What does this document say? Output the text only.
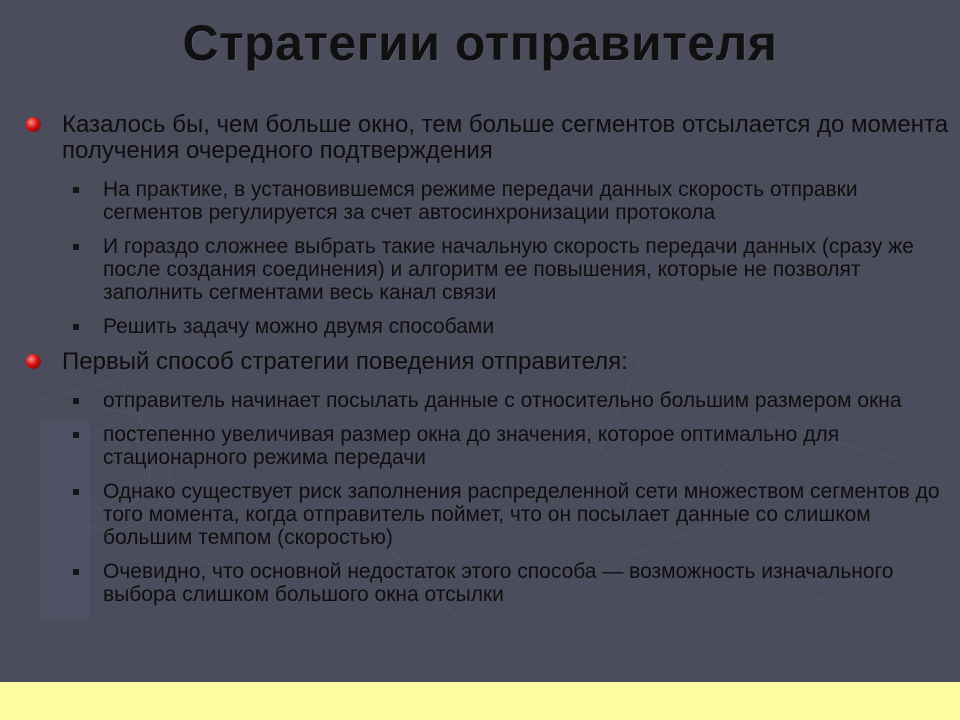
Стратегии отправителя
Казалось бы, чем больше окно, тем больше сегментов отсылается до момента получения очередного подтверждения
На практике, в установившемся режиме передачи данных скорость отправки сегментов регулируется за счет автосинхронизации протокола
И гораздо сложнее выбрать такие начальную скорость передачи данных (сразу же после создания соединения) и алгоритм ее повышения, которые не позволят заполнить сегментами весь канал связи
Решить задачу можно двумя способами
Первый способ стратегии поведения отправителя:
отправитель начинает посылать данные с относительно большим размером окна
постепенно увеличивая размер окна до значения, которое оптимально для стационарного режима передачи
Однако существует риск заполнения распределенной сети множеством сегментов до того момента, когда отправитель поймет, что он посылает данные со слишком большим темпом (скоростью)
Очевидно, что основной недостаток этого способа — возможность изначального выбора слишком большого окна отсылки
